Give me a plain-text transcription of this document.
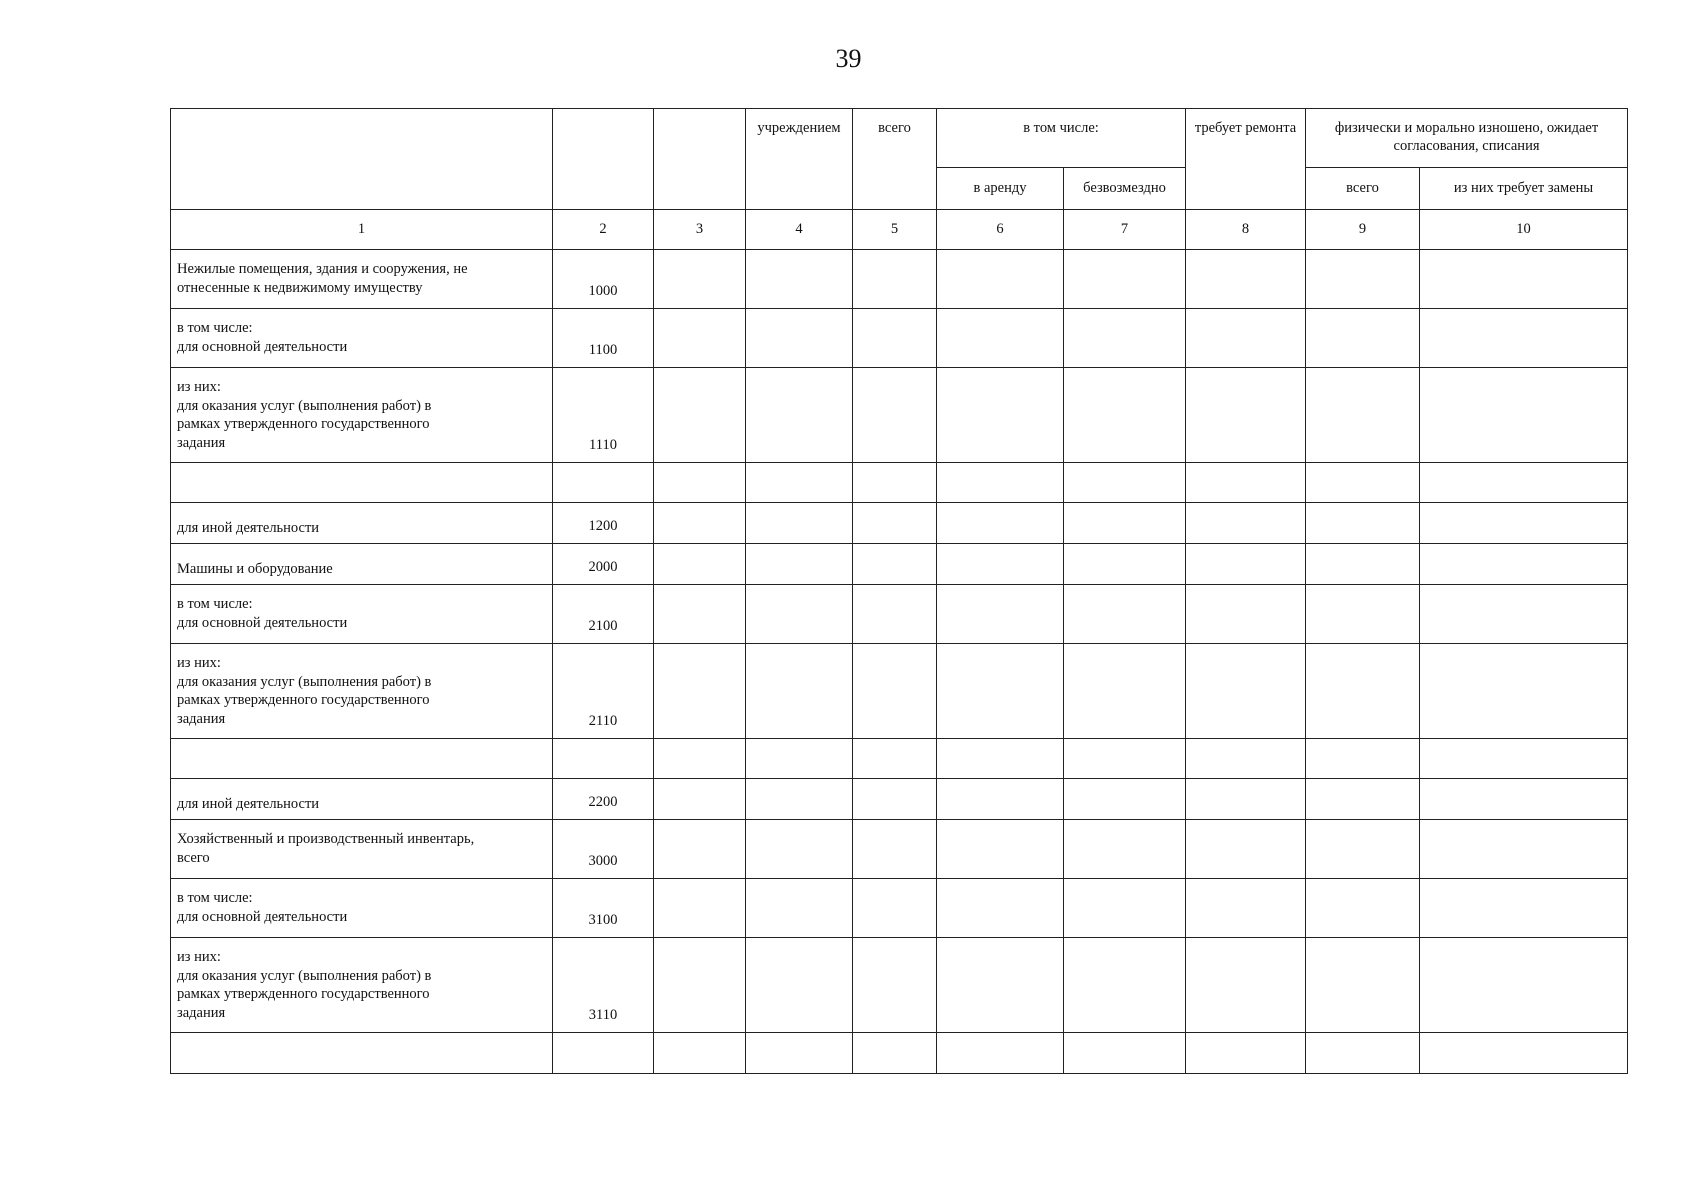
39
			учреждением	всего	в том числе:		требует ремонта	физически и морально изношено, ожидает согласования, списания	
					в аренду	безвозмездно		всего	из них требует замены
1	2	3	4	5	6	7	8	9	10

Нежилые помещения, здания и сооружения, не
отнесенные к недвижимому имуществу	1000								

в том числе:
для основной деятельности	1100								

из них:
для оказания услуг (выполнения работ) в
рамках утвержденного государственного
задания	1110								

для иной деятельности	1200								

Машины и оборудование	2000								

в том числе:
для основной деятельности	2100								

из них:
для оказания услуг (выполнения работ) в
рамках утвержденного государственного
задания	2110								

для иной деятельности	2200								

Хозяйственный и производственный инвентарь,
всего	3000								

в том числе:
для основной деятельности	3100								

из них:
для оказания услуг (выполнения работ) в
рамках утвержденного государственного
задания	3110								
